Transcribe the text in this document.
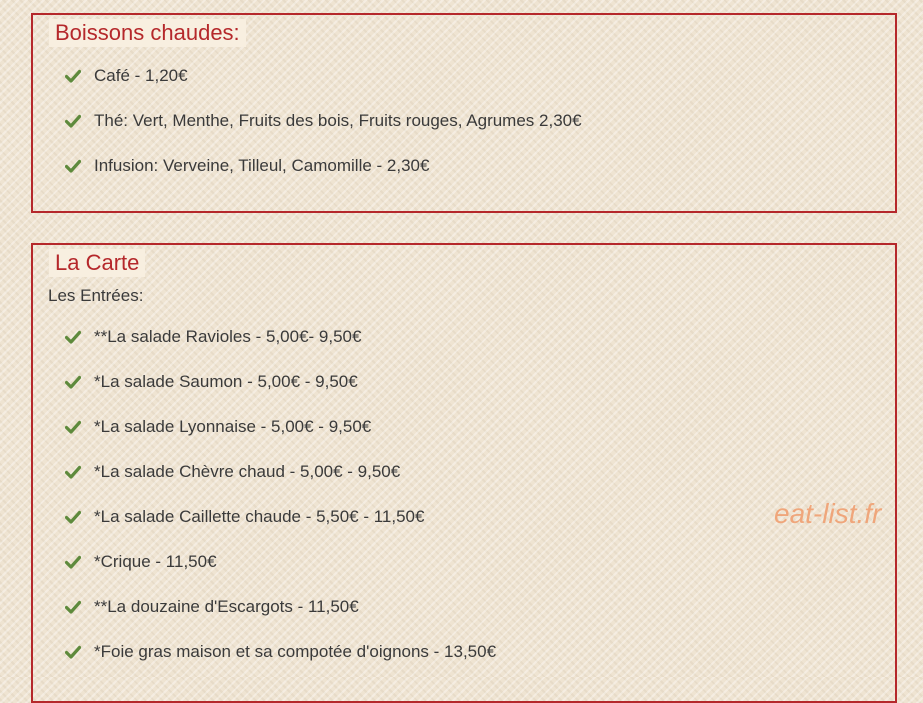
Boissons chaudes:
Café - 1,20€
Thé: Vert, Menthe, Fruits des bois, Fruits rouges, Agrumes 2,30€
Infusion: Verveine, Tilleul, Camomille - 2,30€
La Carte
Les Entrées:
**La salade Ravioles - 5,00€- 9,50€
*La salade Saumon - 5,00€ - 9,50€
*La salade Lyonnaise - 5,00€ - 9,50€
*La salade Chèvre chaud - 5,00€ - 9,50€
*La salade Caillette chaude - 5,50€ - 11,50€
*Crique - 11,50€
**La douzaine d'Escargots - 11,50€
*Foie gras maison et sa compotée d'oignons - 13,50€
eat-list.fr
